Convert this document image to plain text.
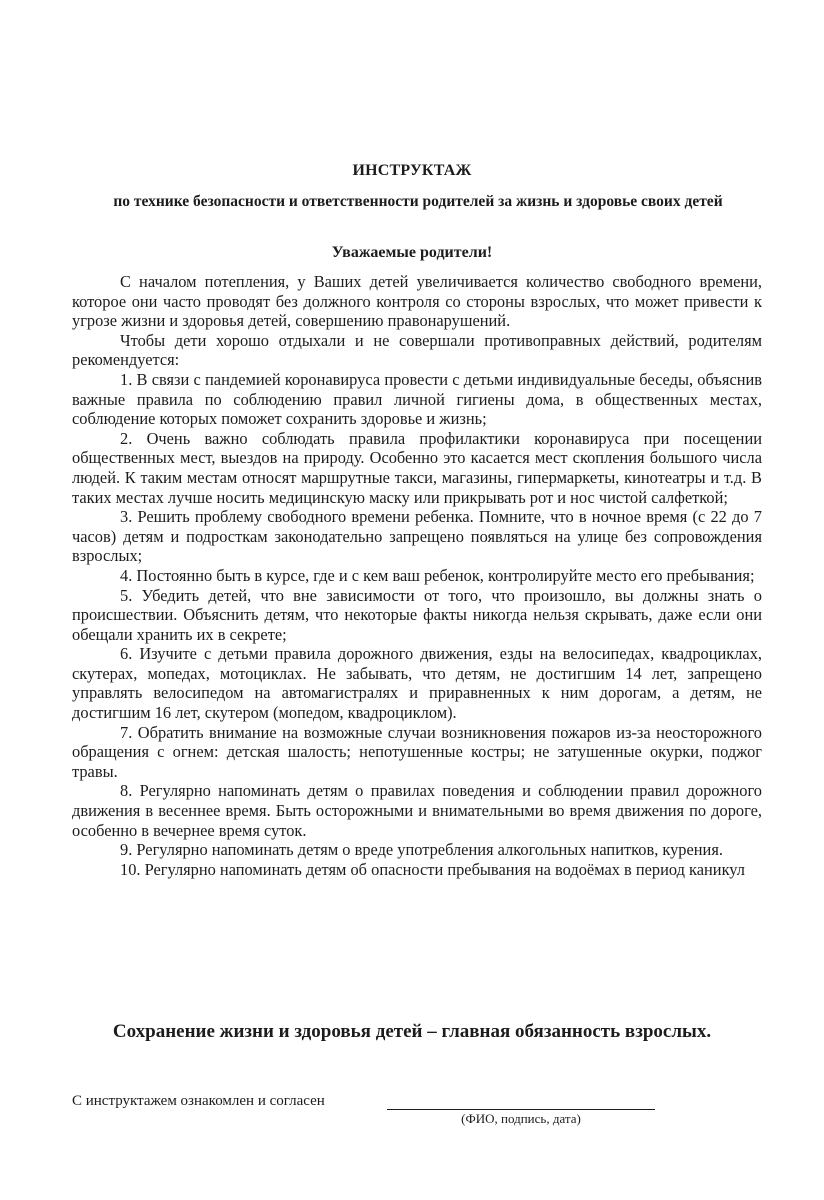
ИНСТРУКТАЖ
по технике безопасности и ответственности родителей за жизнь и здоровье своих детей
Уважаемые родители!

С началом потепления, у Ваших детей увеличивается количество свободного времени, которое они часто проводят без должного контроля со стороны взрослых, что может привести к угрозе жизни и здоровья детей, совершению правонарушений.

Чтобы дети хорошо отдыхали и не совершали противоправных действий, родителям рекомендуется:

1. В связи с пандемией коронавируса провести с детьми индивидуальные беседы, объяснив важные правила по соблюдению правил личной гигиены дома, в общественных местах, соблюдение которых поможет сохранить здоровье и жизнь;

2. Очень важно соблюдать правила профилактики коронавируса при посещении общественных мест, выездов на природу. Особенно это касается мест скопления большого числа людей. К таким местам относят маршрутные такси, магазины, гипермаркеты, кинотеатры и т.д. В таких местах лучше носить медицинскую маску или прикрывать рот и нос чистой салфеткой;

3. Решить проблему свободного времени ребенка. Помните, что в ночное время (с 22 до 7 часов) детям и подросткам законодательно запрещено появляться на улице без сопровождения взрослых;

4. Постоянно быть в курсе, где и с кем ваш ребенок, контролируйте место его пребывания;

5. Убедить детей, что вне зависимости от того, что произошло, вы должны знать о происшествии. Объяснить детям, что некоторые факты никогда нельзя скрывать, даже если они обещали хранить их в секрете;

6. Изучите с детьми правила дорожного движения, езды на велосипедах, квадроциклах, скутерах, мопедах, мотоциклах. Не забывать, что детям, не достигшим 14 лет, запрещено управлять велосипедом на автомагистралях и приравненных к ним дорогам, а детям, не достигшим 16 лет, скутером (мопедом, квадроциклом).

7. Обратить внимание на возможные случаи возникновения пожаров из-за неосторожного обращения с огнем: детская шалость; непотушенные костры; не затушенные окурки, поджог травы.

8. Регулярно напоминать детям о правилах поведения и соблюдении правил дорожного движения в весеннее время. Быть осторожными и внимательными во время движения по дороге, особенно в вечернее время суток.

9. Регулярно напоминать детям о вреде употребления алкогольных напитков, курения.

10. Регулярно напоминать детям об опасности пребывания на водоёмах в период каникул

Сохранение жизни и здоровья детей – главная обязанность взрослых.
С инструктажем ознакомлен и согласен
(ФИО, подпись, дата)
